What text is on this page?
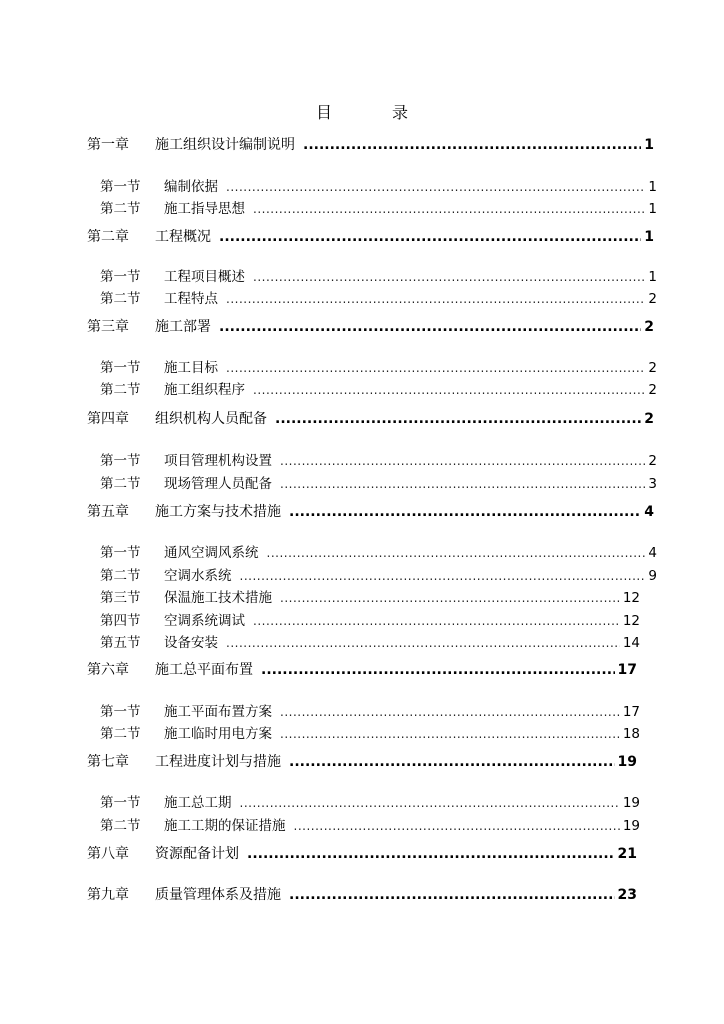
目　录
第一章	施工组织设计编制说明 .....	1
第一节	编制依据 .....	1
第二节	施工指导思想 .....	1
第二章	工程概况 .....	1
第一节	工程项目概述 .....	1
第二节	工程特点 .....	2
第三章	施工部署 .....	2
第一节	施工目标 .....	2
第二节	施工组织程序 .....	2
第四章	组织机构人员配备 .....	2
第一节	项目管理机构设置 .....	2
第二节	现场管理人员配备 .....	3
第五章	施工方案与技术措施 .....	4
第一节	通风空调风系统 .....	4
第二节	空调水系统 .....	9
第三节	保温施工技术措施 .....	12
第四节	空调系统调试 .....	12
第五节	设备安装 .....	14
第六章	施工总平面布置 .....	17
第一节	施工平面布置方案 .....	17
第二节	施工临时用电方案 .....	18
第七章	工程进度计划与措施 .....	19
第一节	施工总工期 .....	19
第二节	施工工期的保证措施 .....	19
第八章	资源配备计划 .....	21
第九章	质量管理体系及措施 .....	23
